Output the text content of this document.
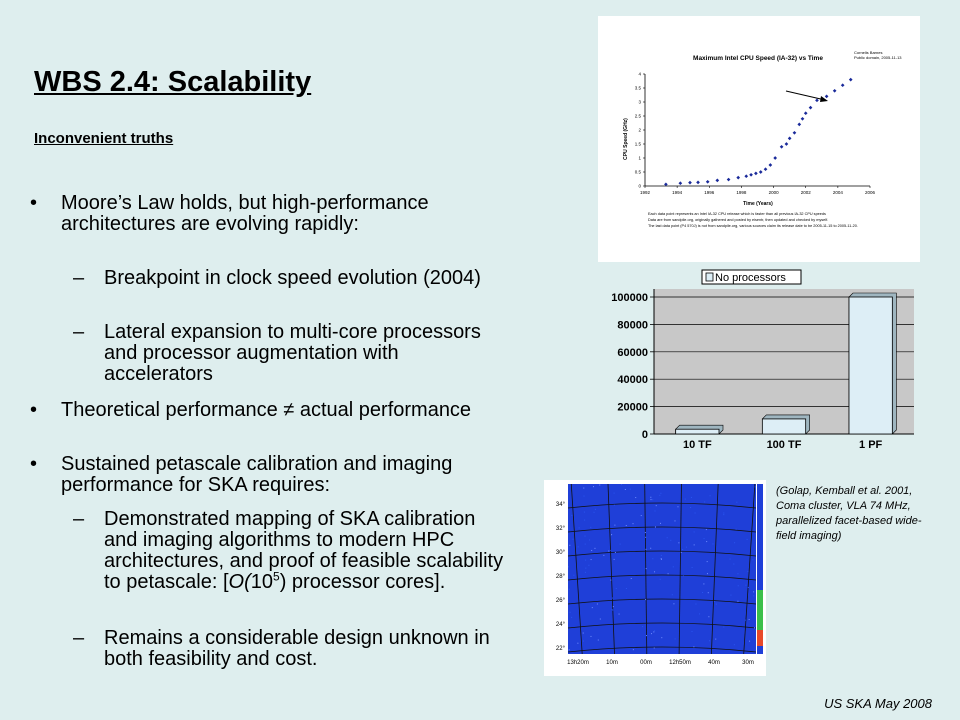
WBS 2.4: Scalability
Inconvenient truths
• Moore’s Law holds, but high-performance architectures are evolving rapidly:
– Breakpoint in clock speed evolution (2004)
– Lateral expansion to multi-core processors and processor augmentation with accelerators
• Theoretical performance ≠ actual performance
• Sustained petascale calibration and imaging performance for SKA requires:
– Demonstrated mapping of SKA calibration and imaging algorithms to modern HPC architectures, and proof of feasible scalability to petascale: [$O(10^5)$ processor cores].
– Remains a considerable design unknown in both feasibility and cost.
Maximum Intel CPU Speed (IA-32) vs Time
Cornelis Barnes
Public domain, 2005-11-13
1992	1994	1996	1998	2000	2002	2004	2006
0
0.5
1
1.5
2
2.5
3
3.5
4
Time (Years)
CPU Speed (GHz)
Each data point represents an Intel IA-32 CPU release which is faster than all previous IA-32 CPU speeds
Data are from sandpile.org, originally gathered and posted by eisentr, then updated and checked by myself.
The last data point (P4 570J) is not from sandpile.org, various sources claim its release date to be 2005-11-15 to 2005-11-20.
No processors
0
20000
40000
60000
80000
100000
10 TF	100 TF	1 PF
34°
32°
30°
28°
26°
24°
22°
13h20m	10m	00m	12h50m	40m	30m
(Golap, Kemball et al. 2001, Coma cluster, VLA 74 MHz, parallelized facet-based wide-field imaging)
US SKA May 2008
